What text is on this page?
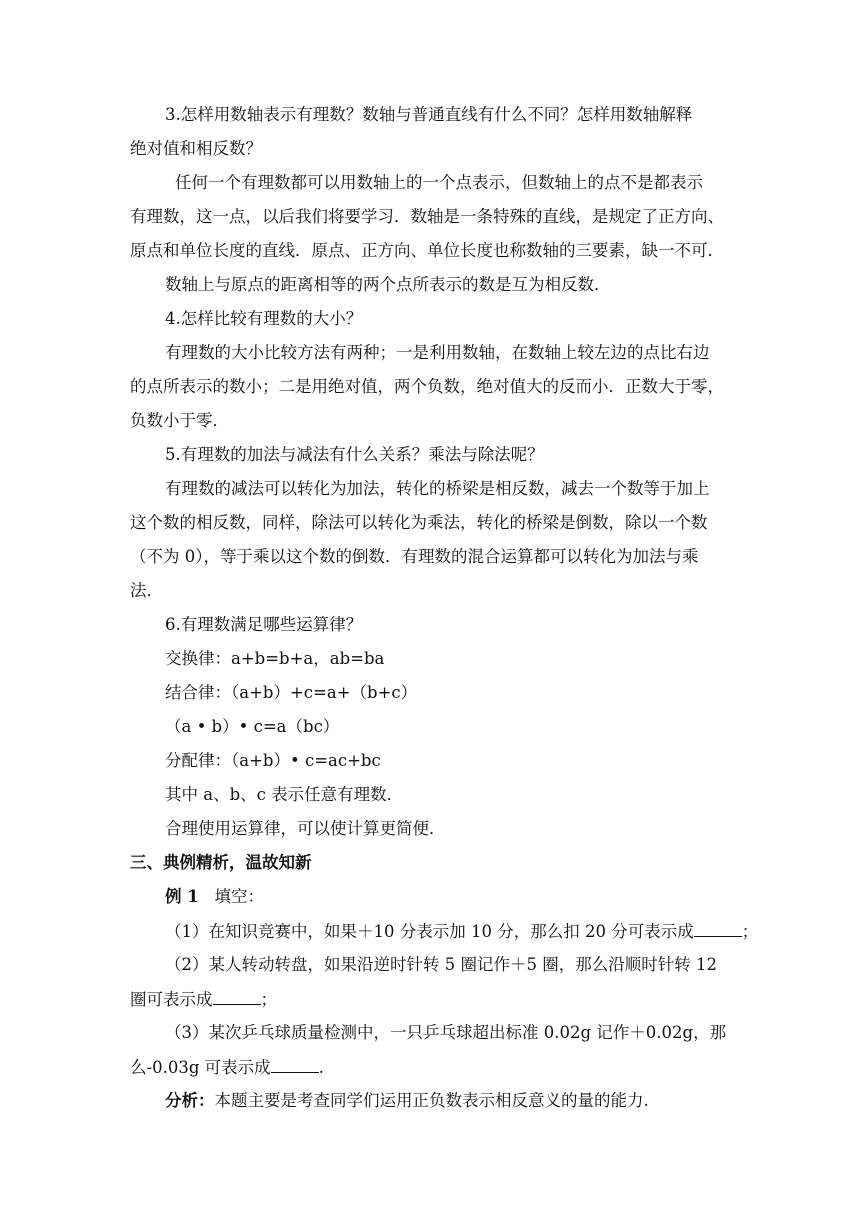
3.怎样用数轴表示有理数？数轴与普通直线有什么不同？怎样用数轴解释
绝对值和相反数？
任何一个有理数都可以用数轴上的一个点表示，但数轴上的点不是都表示
有理数，这一点，以后我们将要学习．数轴是一条特殊的直线，是规定了正方向、
原点和单位长度的直线．原点、正方向、单位长度也称数轴的三要素，缺一不可．
数轴上与原点的距离相等的两个点所表示的数是互为相反数．
4.怎样比较有理数的大小？
有理数的大小比较方法有两种；一是利用数轴，在数轴上较左边的点比右边
的点所表示的数小；二是用绝对值，两个负数，绝对值大的反而小．正数大于零，
负数小于零．
5.有理数的加法与减法有什么关系？乘法与除法呢？
有理数的减法可以转化为加法，转化的桥梁是相反数，减去一个数等于加上
这个数的相反数，同样，除法可以转化为乘法，转化的桥梁是倒数，除以一个数
（不为 0），等于乘以这个数的倒数．有理数的混合运算都可以转化为加法与乘
法．
6.有理数满足哪些运算律？
交换律：a+b=b+a，ab=ba
结合律：（a+b）+c=a+（b+c）
（a • b）• c=a（bc）
分配律：（a+b）• c=ac+bc
其中 a、b、c 表示任意有理数．
合理使用运算律，可以使计算更简便．
三、典例精析，温故知新
例 1 填空：
（1）在知识竞赛中，如果＋10 分表示加 10 分，那么扣 20 分可表示成	；
（2）某人转动转盘，如果沿逆时针转 5 圈记作＋5 圈，那么沿顺时针转 12
圈可表示成	；
（3）某次乒乓球质量检测中，一只乒乓球超出标准 0.02g 记作＋0.02g，那
么-0.03g 可表示成	.
分析：本题主要是考查同学们运用正负数表示相反意义的量的能力.
